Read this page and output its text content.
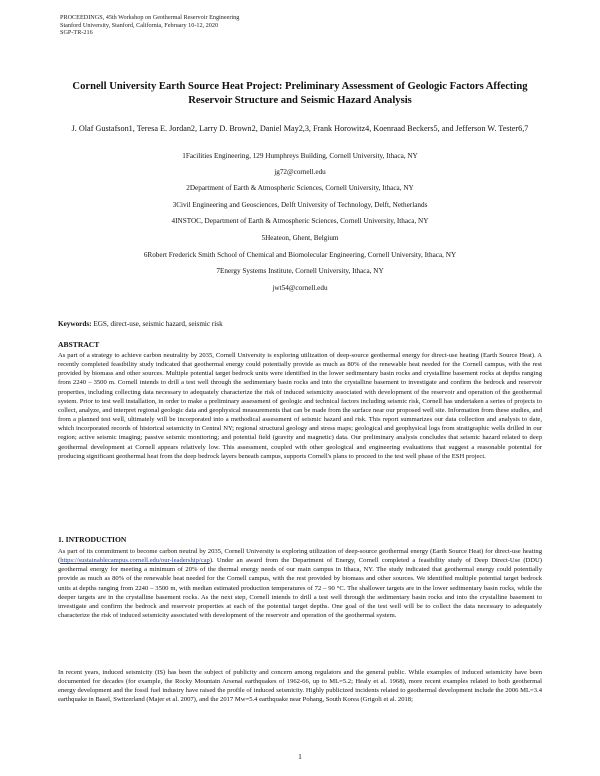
PROCEEDINGS, 45th Workshop on Geothermal Reservoir Engineering
Stanford University, Stanford, California, February 10-12, 2020
SGP-TR-216
Cornell University Earth Source Heat Project: Preliminary Assessment of Geologic Factors Affecting Reservoir Structure and Seismic Hazard Analysis
J. Olaf Gustafson1, Teresa E. Jordan2, Larry D. Brown2, Daniel May2,3, Frank Horowitz4, Koenraad Beckers5, and Jefferson W. Tester6,7
1Facilities Engineering, 129 Humphreys Building, Cornell University, Ithaca, NY
jg72@cornell.edu
2Department of Earth & Atmospheric Sciences, Cornell University, Ithaca, NY
3Civil Engineering and Geosciences, Delft University of Technology, Delft, Netherlands
4INSTOC, Department of Earth & Atmospheric Sciences, Cornell University, Ithaca, NY
5Heateon, Ghent, Belgium
6Robert Frederick Smith School of Chemical and Biomolecular Engineering, Cornell University, Ithaca, NY
7Energy Systems Institute, Cornell University, Ithaca, NY
jwt54@cornell.edu
Keywords: EGS, direct-use, seismic hazard, seismic risk
ABSTRACT
As part of a strategy to achieve carbon neutrality by 2035, Cornell University is exploring utilization of deep-source geothermal energy for direct-use heating (Earth Source Heat). A recently completed feasibility study indicated that geothermal energy could potentially provide as much as 80% of the renewable heat needed for the Cornell campus, with the rest provided by biomass and other sources. Multiple potential target bedrock units were identified in the lower sedimentary basin rocks and crystalline basement rocks at depths ranging from 2240 – 3500 m. Cornell intends to drill a test well through the sedimentary basin rocks and into the crystalline basement to investigate and confirm the bedrock and reservoir properties, including collecting data necessary to adequately characterize the risk of induced seismicity associated with development of the reservoir and operation of the geothermal system. Prior to test well installation, in order to make a preliminary assessment of geologic and technical factors including seismic risk, Cornell has undertaken a series of projects to collect, analyze, and interpret regional geologic data and geophysical measurements that can be made from the surface near our proposed well site. Information from these studies, and from a planned test well, ultimately will be incorporated into a methodical assessment of seismic hazard and risk. This report summarizes our data collection and analysis to date, which incorporated records of historical seismicity in Central NY; regional structural geology and stress maps; geological and geophysical logs from stratigraphic wells drilled in our region; active seismic imaging; passive seismic monitoring; and potential field (gravity and magnetic) data. Our preliminary analysis concludes that seismic hazard related to deep geothermal development at Cornell appears relatively low. This assessment, coupled with other geological and engineering evaluations that suggest a reasonable potential for producing significant geothermal heat from the deep bedrock layers beneath campus, supports Cornell's plans to proceed to the test well phase of the ESH project.
1. INTRODUCTION
As part of its commitment to become carbon neutral by 2035, Cornell University is exploring utilization of deep-source geothermal energy (Earth Source Heat) for direct-use heating (https://sustainablecampus.cornell.edu/our-leadership/cap). Under an award from the Department of Energy, Cornell completed a feasibility study of Deep Direct-Use (DDU) geothermal energy for meeting a minimum of 20% of the thermal energy needs of our main campus in Ithaca, NY. The study indicated that geothermal energy could potentially provide as much as 80% of the renewable heat needed for the Cornell campus, with the rest provided by biomass and other sources. We identified multiple potential target bedrock units at depths ranging from 2240 – 3500 m, with median estimated production temperatures of 72 – 90 °C. The shallower targets are in the lower sedimentary basin rocks, while the deeper targets are in the crystalline basement rocks. As the next step, Cornell intends to drill a test well through the sedimentary basin rocks and into the crystalline basement to investigate and confirm the bedrock and reservoir properties at each of the potential target depths. One goal of the test well will be to collect the data necessary to adequately characterize the risk of induced seismicity associated with development of the reservoir and operation of the geothermal system.
In recent years, induced seismicity (IS) has been the subject of publicity and concern among regulators and the general public. While examples of induced seismicity have been documented for decades (for example, the Rocky Mountain Arsenal earthquakes of 1962-66, up to ML=5.2; Healy et al. 1968), more recent examples related to both geothermal energy development and the fossil fuel industry have raised the profile of induced seismicity. Highly publicized incidents related to geothermal development include the 2006 ML=3.4 earthquake in Basel, Switzerland (Majer et al. 2007), and the 2017 Mw=5.4 earthquake near Pohang, South Korea (Grigoli et al. 2018;
1
